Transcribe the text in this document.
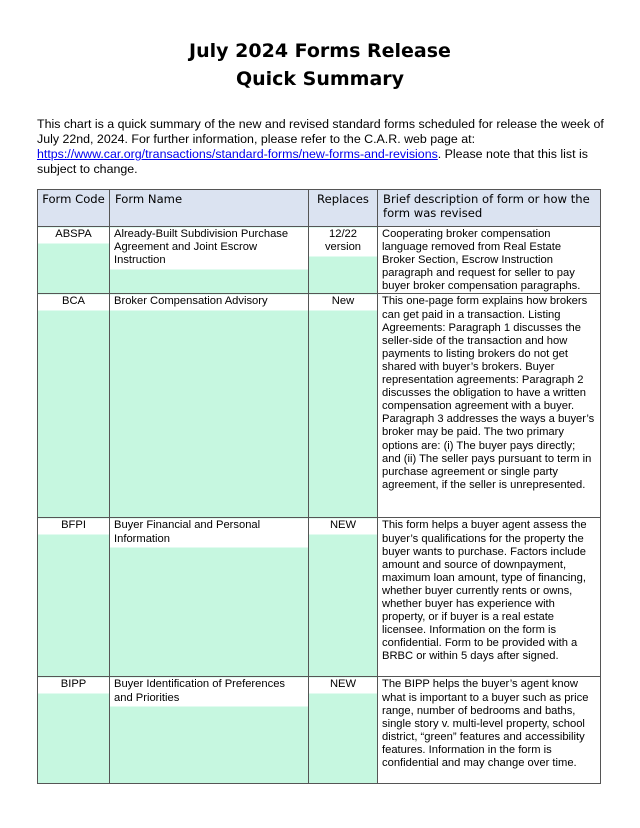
July 2024 Forms Release
Quick Summary
This chart is a quick summary of the new and revised standard forms scheduled for release the week of July 22nd, 2024. For further information, please refer to the C.A.R. web page at: https://www.car.org/transactions/standard-forms/new-forms-and-revisions. Please note that this list is subject to change.
Form Code	Form Name	Replaces	Brief description of form or how the form was revised

ABSPA	Already-Built Subdivision Purchase Agreement and Joint Escrow Instruction	12/22 version	Cooperating broker compensation language removed from Real Estate Broker Section, Escrow Instruction paragraph and request for seller to pay buyer broker compensation paragraphs.

BCA	Broker Compensation Advisory	New	This one-page form explains how brokers can get paid in a transaction. Listing Agreements: Paragraph 1 discusses the seller-side of the transaction and how payments to listing brokers do not get shared with buyer’s brokers. Buyer representation agreements: Paragraph 2 discusses the obligation to have a written compensation agreement with a buyer. Paragraph 3 addresses the ways a buyer’s broker may be paid. The two primary options are: (i) The buyer pays directly; and (ii) The seller pays pursuant to term in purchase agreement or single party agreement, if the seller is unrepresented.

BFPI	Buyer Financial and Personal Information	NEW	This form helps a buyer agent assess the buyer’s qualifications for the property the buyer wants to purchase. Factors include amount and source of downpayment, maximum loan amount, type of financing, whether buyer currently rents or owns, whether buyer has experience with property, or if buyer is a real estate licensee. Information on the form is confidential. Form to be provided with a BRBC or within 5 days after signed.

BIPP	Buyer Identification of Preferences and Priorities	NEW	The BIPP helps the buyer’s agent know what is important to a buyer such as price range, number of bedrooms and baths, single story v. multi-level property, school district, “green” features and accessibility features. Information in the form is confidential and may change over time.
